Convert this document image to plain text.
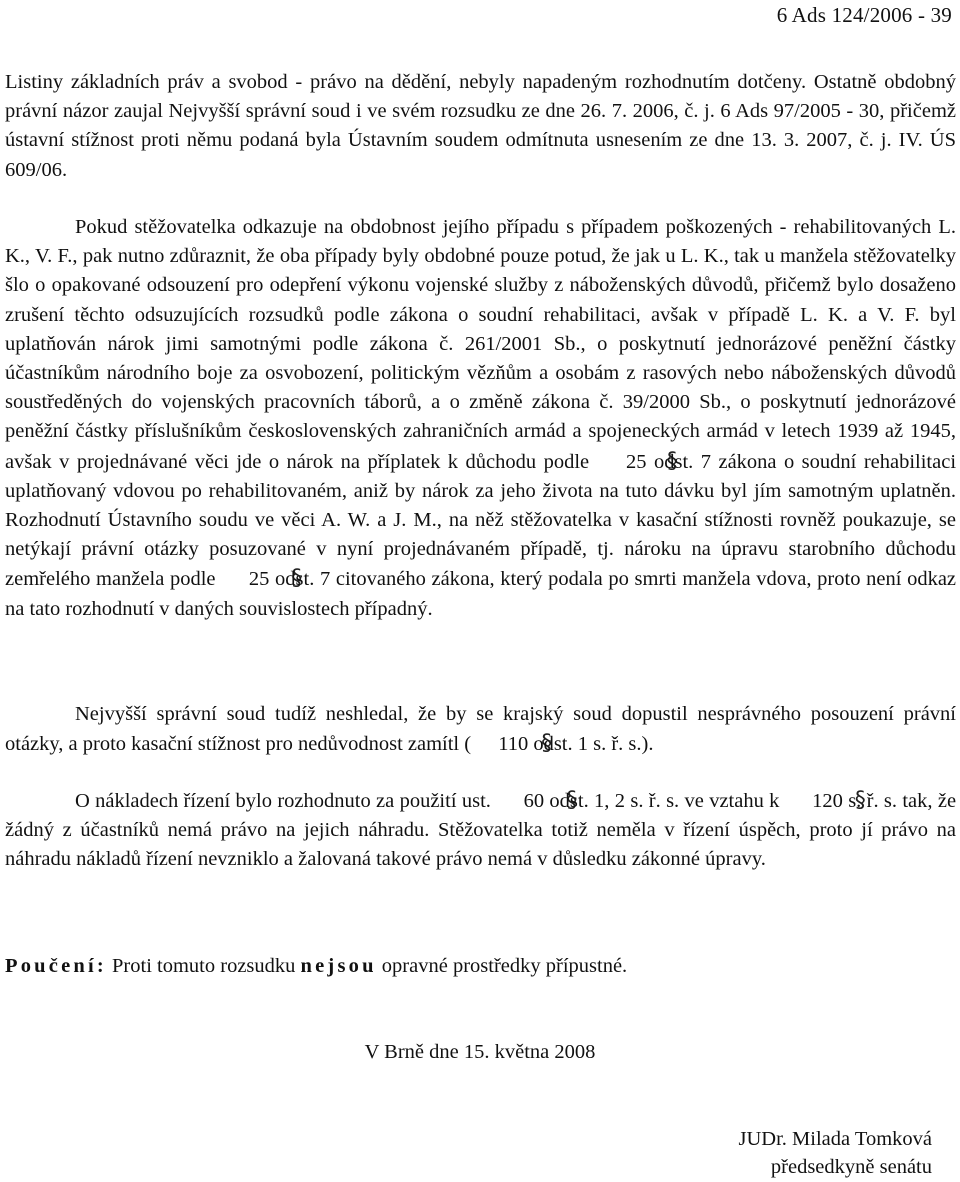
6 Ads 124/2006 - 39

Listiny základních práv a svobod - právo na dědění, nebyly napadeným rozhodnutím dotčeny. Ostatně obdobný právní názor zaujal Nejvyšší správní soud i ve svém rozsudku ze dne 26. 7. 2006, č. j. 6 Ads 97/2005 - 30, přičemž ústavní stížnost proti němu podaná byla Ústavním soudem odmítnuta usnesením ze dne 13. 3. 2007, č. j. IV. ÚS 609/06.

Pokud stěžovatelka odkazuje na obdobnost jejího případu s případem poškozených - rehabilitovaných L. K., V. F., pak nutno zdůraznit, že oba případy byly obdobné pouze potud, že jak u L. K., tak u manžela stěžovatelky šlo o opakované odsouzení pro odepření výkonu vojenské služby z náboženských důvodů, přičemž bylo dosaženo zrušení těchto odsuzujících rozsudků podle zákona o soudní rehabilitaci, avšak v případě L. K. a V. F. byl uplatňován nárok jimi samotnými podle zákona č. 261/2001 Sb., o poskytnutí jednorázové peněžní částky účastníkům národního boje za osvobození, politickým vězňům a osobám z rasových nebo náboženských důvodů soustředěných do vojenských pracovních táborů, a o změně zákona č. 39/2000 Sb., o poskytnutí jednorázové peněžní částky příslušníkům československých zahraničních armád a spojeneckých armád v letech 1939 až 1945, avšak v projednávané věci jde o nárok na příplatek k důchodu podle § 25 odst. 7 zákona o soudní rehabilitaci uplatňovaný vdovou po rehabilitovaném, aniž by nárok za jeho života na tuto dávku byl jím samotným uplatněn. Rozhodnutí Ústavního soudu ve věci A. W. a J. M., na něž stěžovatelka v kasační stížnosti rovněž poukazuje, se netýkají právní otázky posuzované v nyní projednávaném případě, tj. nároku na úpravu starobního důchodu zemřelého manžela podle § 25 odst. 7 citovaného zákona, který podala po smrti manžela vdova, proto není odkaz na tato rozhodnutí v daných souvislostech případný.

Nejvyšší správní soud tudíž neshledal, že by se krajský soud dopustil nesprávného posouzení právní otázky, a proto kasační stížnost pro nedůvodnost zamítl ( § 110 odst. 1 s. ř. s.).

O nákladech řízení bylo rozhodnuto za použití ust. § 60 odst. 1, 2 s. ř. s. ve vztahu k § 120 s. ř. s. tak, že žádný z účastníků nemá právo na jejich náhradu. Stěžovatelka totiž neměla v řízení úspěch, proto jí právo na náhradu nákladů řízení nevzniklo a žalovaná takové právo nemá v důsledku zákonné úpravy.

Poučení: Proti tomuto rozsudku nejsou opravné prostředky přípustné.
V Brně dne 15. května 2008
JUDr. Milada Tomková
předsedkyně senátu
